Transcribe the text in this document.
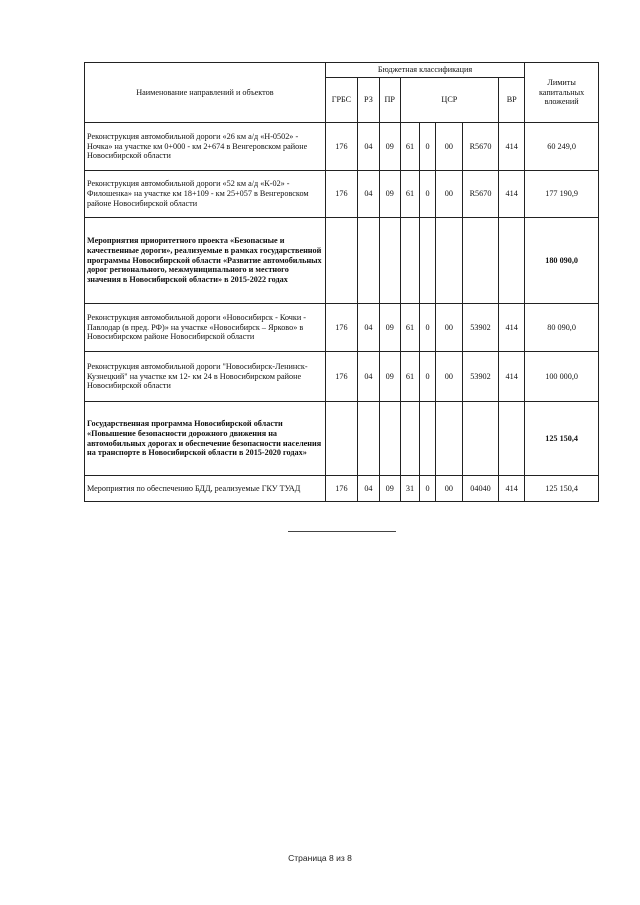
Наименование направлений и объектов	Бюджетная классификация								Лимиты капитальных вложений
	ГРБС	РЗ	ПР	ЦСР				ВР	
Реконструкция автомобильной дороги «26 км а/д «Н-0502» - Ночка» на участке км 0+000 - км 2+674 в Венгеровском районе Новосибирской области	176	04	09	61	0	00	R5670	414	60 249,0
Реконструкция автомобильной дороги «52 км а/д «К-02» - Филошенка» на участке км 18+109 - км 25+057 в Венгеровском районе Новосибирской области	176	04	09	61	0	00	R5670	414	177 190,9
Мероприятия приоритетного проекта «Безопасные и качественные дороги», реализуемые в рамках государственной программы Новосибирской области «Развитие автомобильных дорог регионального, межмуниципального и местного значения в Новосибирской области» в 2015-2022 годах									180 090,0
Реконструкция автомобильной дороги «Новосибирск - Кочки - Павлодар (в пред. РФ)» на участке «Новосибирск – Ярково» в Новосибирском районе Новосибирской области	176	04	09	61	0	00	53902	414	80 090,0
Реконструкция автомобильной дороги "Новосибирск-Ленинск-Кузнецкий" на участке км 12- км 24 в Новосибирском районе Новосибирской области	176	04	09	61	0	00	53902	414	100 000,0
Государственная программа Новосибирской области «Повышение безопасности дорожного движения на автомобильных дорогах и обеспечение безопасности населения на транспорте в Новосибирской области в 2015-2020 годах»									125 150,4
Мероприятия по обеспечению БДД, реализуемые ГКУ ТУАД	176	04	09	31	0	00	04040	414	125 150,4
Страница 8 из 8
